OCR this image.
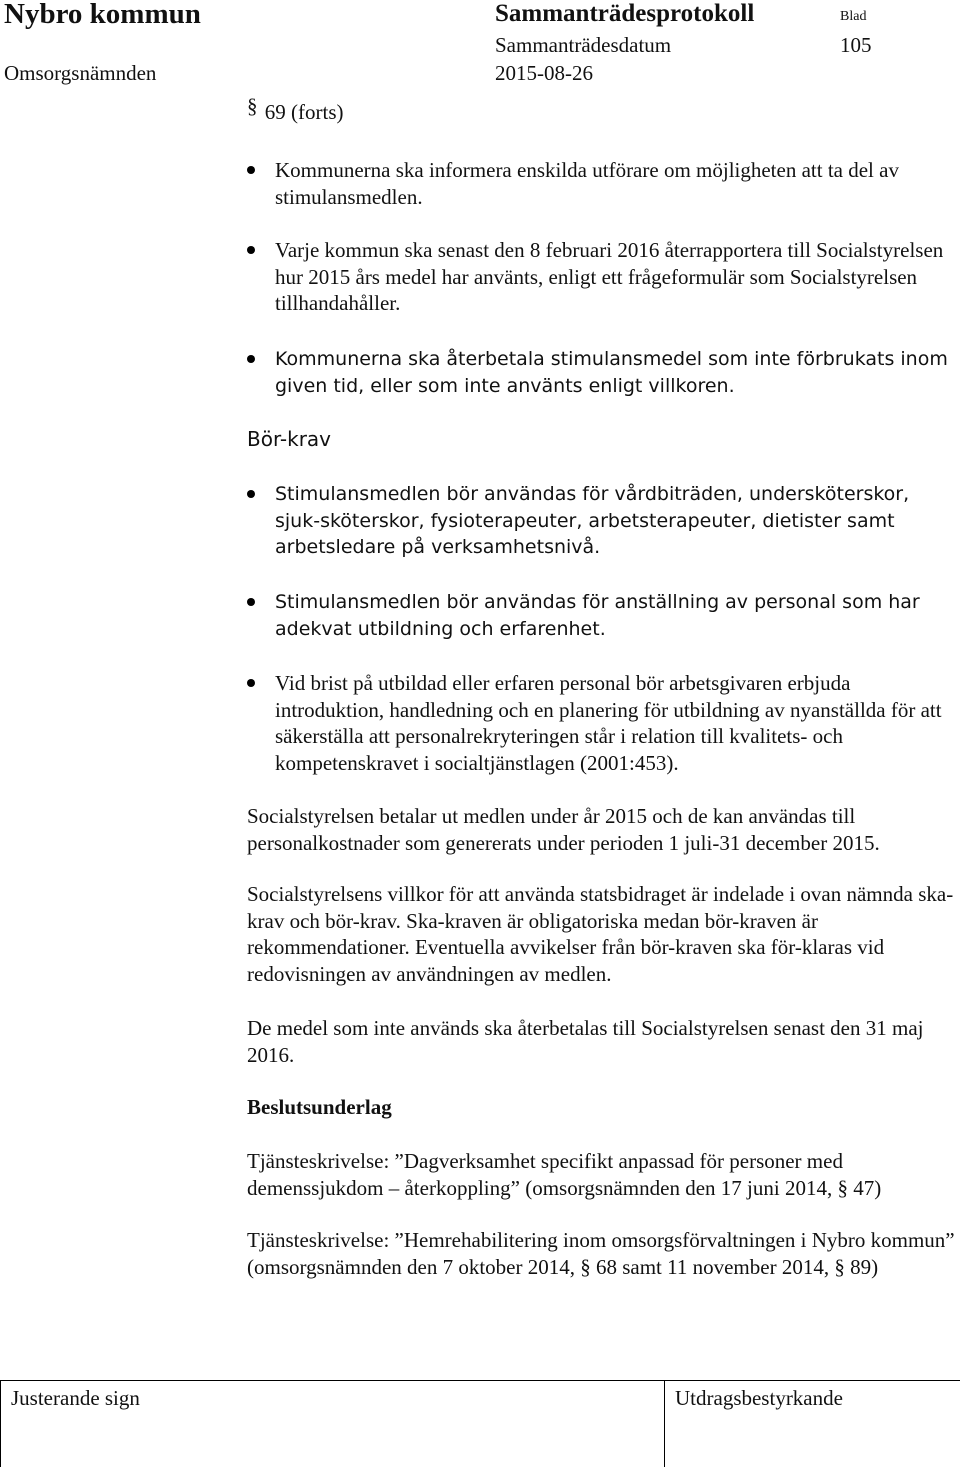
Nybro kommun	Sammanträdesprotokoll	Blad
Sammanträdesdatum	105
Omsorgsnämnden	2015-08-26
§ 69 (forts)
Kommunerna ska informera enskilda utförare om möjligheten att ta del av stimulansmedlen.
Varje kommun ska senast den 8 februari 2016 återrapportera till Socialstyrelsen hur 2015 års medel har använts, enligt ett frågeformulär som Socialstyrelsen tillhandahåller.
Kommunerna ska återbetala stimulansmedel som inte förbrukats inom given tid, eller som inte använts enligt villkoren.
Bör-krav
Stimulansmedlen bör användas för vårdbiträden, undersköterskor, sjuk-sköterskor, fysioterapeuter, arbetsterapeuter, dietister samt arbetsledare på verksamhetsnivå.
Stimulansmedlen bör användas för anställning av personal som har adekvat utbildning och erfarenhet.
Vid brist på utbildad eller erfaren personal bör arbetsgivaren erbjuda introduktion, handledning och en planering för utbildning av nyanställda för att säkerställa att personalrekryteringen står i relation till kvalitets- och kompetenskravet i socialtjänstlagen (2001:453).
Socialstyrelsen betalar ut medlen under år 2015 och de kan användas till personalkostnader som genererats under perioden 1 juli-31 december 2015.
Socialstyrelsens villkor för att använda statsbidraget är indelade i ovan nämnda ska-krav och bör-krav. Ska-kraven är obligatoriska medan bör-kraven är rekommendationer. Eventuella avvikelser från bör-kraven ska för-klaras vid redovisningen av användningen av medlen.
De medel som inte används ska återbetalas till Socialstyrelsen senast den 31 maj 2016.
Beslutsunderlag
Tjänsteskrivelse: ”Dagverksamhet specifikt anpassad för personer med demenssjukdom – återkoppling” (omsorgsnämnden den 17 juni 2014, § 47)
Tjänsteskrivelse: ”Hemrehabilitering inom omsorgsförvaltningen i Nybro kommun” (omsorgsnämnden den 7 oktober 2014, § 68 samt 11 november 2014, § 89)
Justerande sign	Utdragsbestyrkande
